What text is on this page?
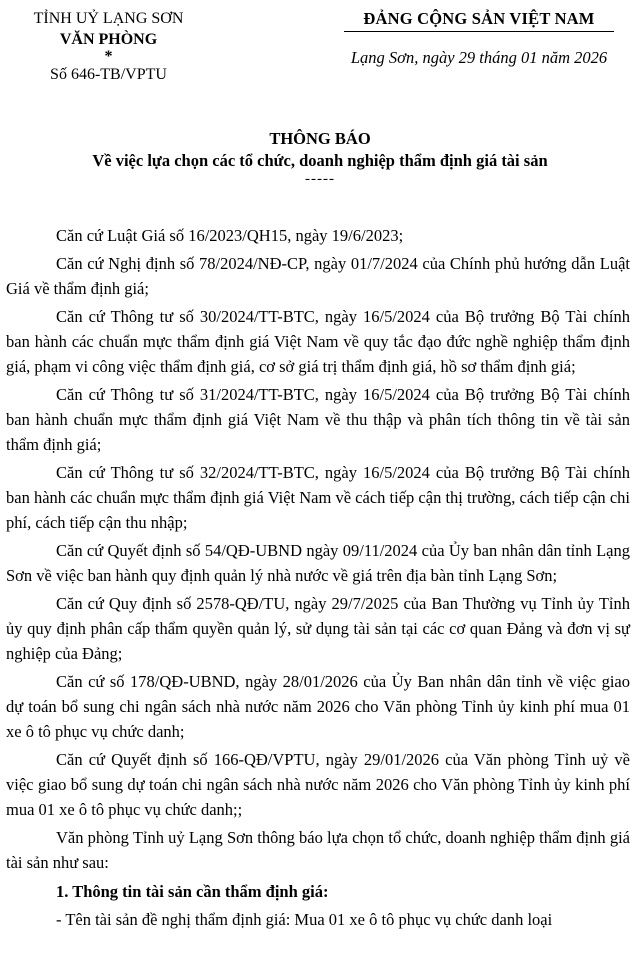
TỈNH UỶ LẠNG SƠN
VĂN PHÒNG
*
Số 646-TB/VPTU
ĐẢNG CỘNG SẢN VIỆT NAM
Lạng Sơn, ngày 29 tháng 01 năm 2026
THÔNG BÁO
Về việc lựa chọn các tổ chức, doanh nghiệp thẩm định giá tài sản
-----

Căn cứ Luật Giá số 16/2023/QH15, ngày 19/6/2023;

Căn cứ Nghị định số 78/2024/NĐ-CP, ngày 01/7/2024 của Chính phủ hướng dẫn Luật Giá về thẩm định giá;

Căn cứ Thông tư số 30/2024/TT-BTC, ngày 16/5/2024 của Bộ trưởng Bộ Tài chính ban hành các chuẩn mực thẩm định giá Việt Nam về quy tắc đạo đức nghề nghiệp thẩm định giá, phạm vi công việc thẩm định giá, cơ sở giá trị thẩm định giá, hồ sơ thẩm định giá;

Căn cứ Thông tư số 31/2024/TT-BTC, ngày 16/5/2024 của Bộ trưởng Bộ Tài chính ban hành chuẩn mực thẩm định giá Việt Nam về thu thập và phân tích thông tin về tài sản thẩm định giá;

Căn cứ Thông tư số 32/2024/TT-BTC, ngày 16/5/2024 của Bộ trưởng Bộ Tài chính ban hành các chuẩn mực thẩm định giá Việt Nam về cách tiếp cận thị trường, cách tiếp cận chi phí, cách tiếp cận thu nhập;

Căn cứ Quyết định số 54/QĐ-UBND ngày 09/11/2024 của Ủy ban nhân dân tỉnh Lạng Sơn về việc ban hành quy định quản lý nhà nước về giá trên địa bàn tỉnh Lạng Sơn;

Căn cứ Quy định số 2578-QĐ/TU, ngày 29/7/2025 của Ban Thường vụ Tỉnh ủy Tỉnh ủy quy định phân cấp thẩm quyền quản lý, sử dụng tài sản tại các cơ quan Đảng và đơn vị sự nghiệp của Đảng;

Căn cứ số 178/QĐ-UBND, ngày 28/01/2026 của Ủy Ban nhân dân tỉnh về việc giao dự toán bổ sung chi ngân sách nhà nước năm 2026 cho Văn phòng Tỉnh ủy kinh phí mua 01 xe ô tô phục vụ chức danh;

Căn cứ Quyết định số 166-QĐ/VPTU, ngày 29/01/2026 của Văn phòng Tỉnh uỷ về việc giao bổ sung dự toán chi ngân sách nhà nước năm 2026 cho Văn phòng Tỉnh ủy kinh phí mua 01 xe ô tô phục vụ chức danh;;

Văn phòng Tỉnh uỷ Lạng Sơn thông báo lựa chọn tổ chức, doanh nghiệp thẩm định giá tài sản như sau:

1. Thông tin tài sản cần thẩm định giá:

- Tên tài sản đề nghị thẩm định giá: Mua 01 xe ô tô phục vụ chức danh loại
